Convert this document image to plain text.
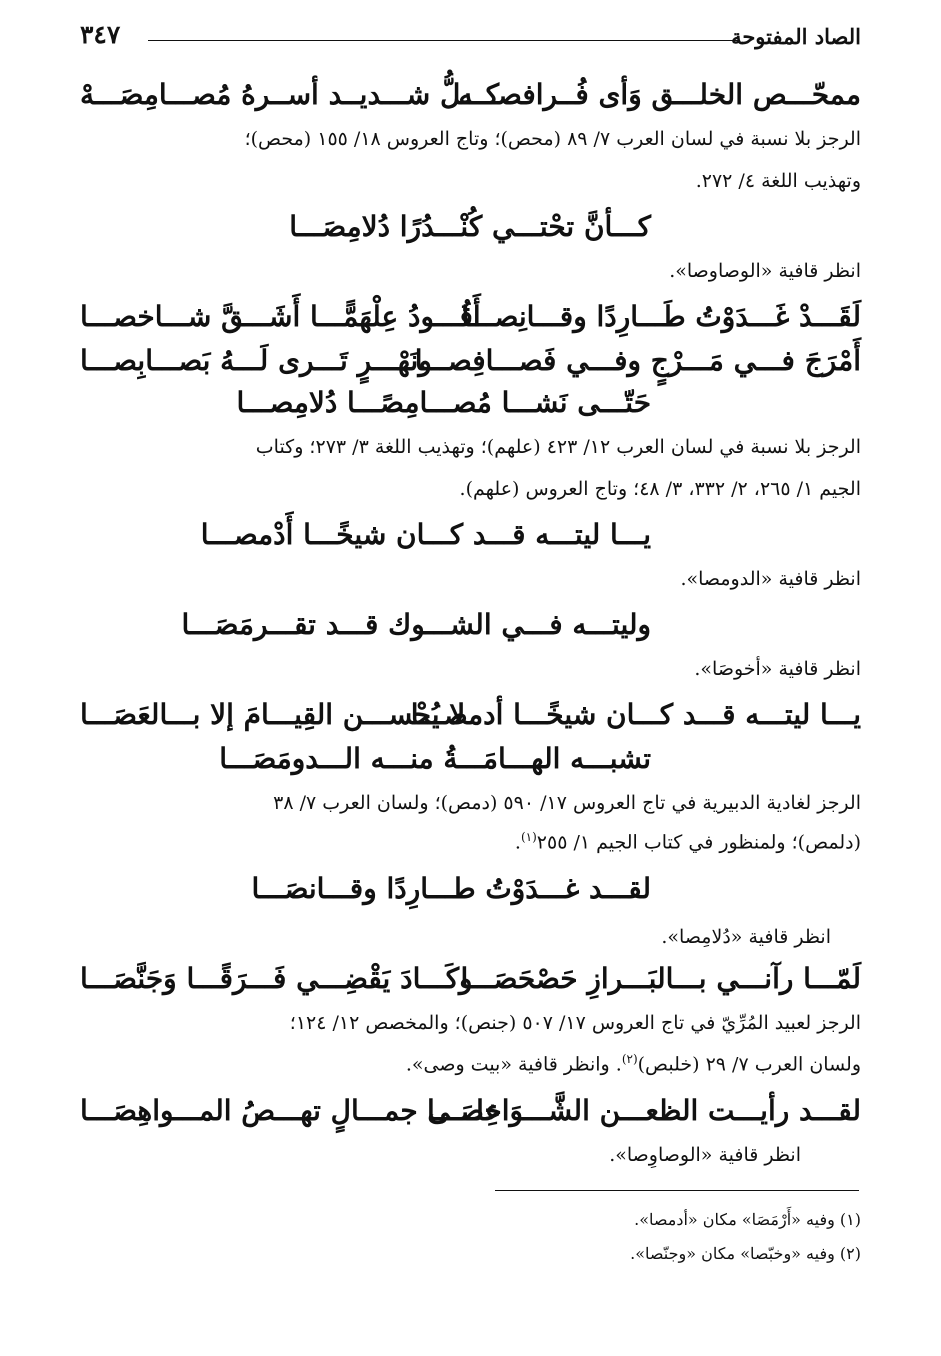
الصاد المفتوحة
٣٤٧
ممحّـــص الخلـــق وَأى فُــرافصـــه
كـــلُّ شـــديــد أســرهُ مُصـــامِصَـــهْ
الرجز بلا نسبة في لسان العرب ٧/ ٨٩ (محص)؛ وتاج العروس ١٨/ ١٥٥ (محص)؛
وتهذيب اللغة ٤/ ٢٧٢.
كـــأنَّ تحْتـــي كُنْـــدُرًا دُلامِصَـــا
انظر قافية «الوصاوصا».
لَقَـــدْ غَـــدَوْتُ طَـــارِدًا وقـــانِصـــا
أَقُـــودُ عِلْهَمًّـــا أَشَـــقَّ شـــاخصـــا
أَمْرَجَ فـــي مَـــرْجٍ وفـــي فَصـــافِصـــا
ونَهْـــرٍ تَـــرى لَـــهُ بَصـــابِصـــا
حَتّـــى نَشـــا مُصـــامِصًـــا دُلامِصـــا
الرجز بلا نسبة في لسان العرب ١٢/ ٤٢٣ (علهم)؛ وتهذيب اللغة ٣/ ٢٧٣؛ وكتاب
الجيم ١/ ٢٦٥، ٢/ ٣٣٢، ٣/ ٤٨؛ وتاج العروس (علهم).
يـــا ليتـــه قـــد كـــان شيخًـــا أَدْمصـــا
انظر قافية «الدومصا».
وليتـــه فـــي الشـــوك قـــد تقـــرمَصَـــا
انظر قافية «أخوصَا».
يـــا ليتـــه قـــد كـــان شيخًـــا أدمصـــا
لا يُحْســـن القِيـــامَ إلا بـــالعَصَـــا
تشبـــه الهـــامَـــةُ منـــه الـــدومَصَـــا
الرجز لغادية الدبيرية في تاج العروس ١٧/ ٥٩٠ (دمص)؛ ولسان العرب ٧/ ٣٨
(دلمص)؛ ولمنظور في كتاب الجيم ١/ ٢٥٥$^{(١)}$.
لقـــد غـــدَوْتُ طـــارِدًا وقـــانصَـــا
انظر قافية «دُلامِصا».
لَمّـــا رآنـــي بـــالبَـــرازِ حَصْحَصَـــا
وكَـــادَ يَقْضِـــي فَـــرَقًـــا وَجَنَّصَـــا
الرجز لعبيد المُرِّيّ في تاج العروس ١٧/ ٥٠٧ (جنص)؛ والمخصص ١٢/ ١٢٤؛
ولسان العرب ٧/ ٢٩ (خلبص)$^{(٢)}$. وانظر قافية «بيت وصى».
لقـــد رأيـــت الظعـــن الشَّـــوَاخِصَـــا
علـــى جمـــالٍ تهـــصُ المـــواهِصَـــا
انظر قافية «الوصاوِصا».
(١) وفيه «أَرْمَصَا» مكان «أدمصا».
(٢) وفيه «وخبّصا» مكان «وجنّصا».
